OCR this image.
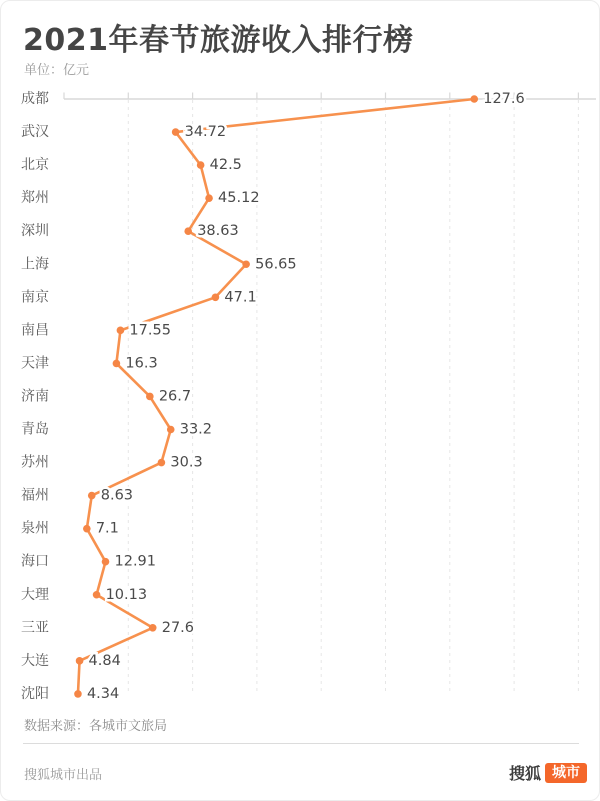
2021年春节旅游收入排行榜
单位：亿元
成都	127.6
武汉	34.72
北京	42.5
郑州	45.12
深圳	38.63
上海	56.65
南京	47.1
南昌	17.55
天津	16.3
济南	26.7
青岛	33.2
苏州	30.3
福州	8.63
泉州	7.1
海口	12.91
大理	10.13
三亚	27.6
大连	4.84
沈阳	4.34
数据来源：各城市文旅局
搜狐城市出品	搜狐 城市
